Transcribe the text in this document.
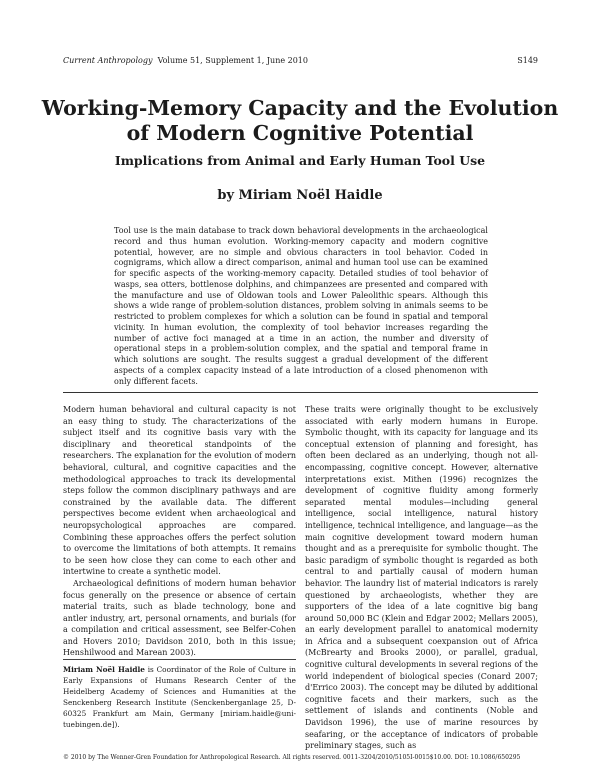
Current Anthropology Volume 51, Supplement 1, June 2010	S149
Working-Memory Capacity and the Evolution of Modern Cognitive Potential
Implications from Animal and Early Human Tool Use
by Miriam Noël Haidle

Tool use is the main database to track down behavioral developments in the archaeological record and thus human evolution. Working-memory capacity and modern cognitive potential, however, are no simple and obvious characters in tool behavior. Coded in cognigrams, which allow a direct comparison, animal and human tool use can be examined for specific aspects of the working-memory capacity. Detailed studies of tool behavior of wasps, sea otters, bottlenose dolphins, and chimpanzees are presented and compared with the manufacture and use of Oldowan tools and Lower Paleolithic spears. Although this shows a wide range of problem-solution distances, problem solving in animals seems to be restricted to problem complexes for which a solution can be found in spatial and temporal vicinity. In human evolution, the complexity of tool behavior increases regarding the number of active foci managed at a time in an action, the number and diversity of operational steps in a problem-solution complex, and the spatial and temporal frame in which solutions are sought. The results suggest a gradual development of the different aspects of a complex capacity instead of a late introduction of a closed phenomenon with only different facets.

Modern human behavioral and cultural capacity is not an easy thing to study. The characterizations of the subject itself and its cognitive basis vary with the disciplinary and theoretical standpoints of the researchers. The explanation for the evolution of modern behavioral, cultural, and cognitive capacities and the methodological approaches to track its developmental steps follow the common disciplinary pathways and are constrained by the available data. The different perspectives become evident when archaeological and neuropsychological approaches are compared. Combining these approaches offers the perfect solution to overcome the limitations of both attempts. It remains to be seen how close they can come to each other and intertwine to create a synthetic model.

Archaeological definitions of modern human behavior focus generally on the presence or absence of certain material traits, such as blade technology, bone and antler industry, art, personal ornaments, and burials (for a compilation and critical assessment, see Belfer-Cohen and Hovers 2010; Davidson 2010, both in this issue; Henshilwood and Marean 2003).

These traits were originally thought to be exclusively associated with early modern humans in Europe. Symbolic thought, with its capacity for language and its conceptual extension of planning and foresight, has often been declared as an underlying, though not all-encompassing, cognitive concept. However, alternative interpretations exist. Mithen (1996) recognizes the development of cognitive fluidity among formerly separated mental modules—including general intelligence, social intelligence, natural history intelligence, technical intelligence, and language—as the main cognitive development toward modern human thought and as a prerequisite for symbolic thought. The basic paradigm of symbolic thought is regarded as both central to and partially causal of modern human behavior. The laundry list of material indicators is rarely questioned by archaeologists, whether they are supporters of the idea of a late cognitive big bang around 50,000 BC (Klein and Edgar 2002; Mellars 2005), an early development parallel to anatomical modernity in Africa and a subsequent coexpansion out of Africa (McBrearty and Brooks 2000), or parallel, gradual, cognitive cultural developments in several regions of the world independent of biological species (Conard 2007; d'Errico 2003). The concept may be diluted by additional cognitive facets and their markers, such as the settlement of islands and continents (Noble and Davidson 1996), the use of marine resources by seafaring, or the acceptance of indicators of probable preliminary stages, such as

Miriam Noël Haidle is Coordinator of the Role of Culture in Early Expansions of Humans Research Center of the Heidelberg Academy of Sciences and Humanities at the Senckenberg Research Institute (Senckenberganlage 25, D-60325 Frankfurt am Main, Germany [miriam.haidle@uni-tuebingen.de]).

© 2010 by The Wenner-Gren Foundation for Anthropological Research. All rights reserved. 0011-3204/2010/5105I-0015$10.00. DOI: 10.1086/650295
